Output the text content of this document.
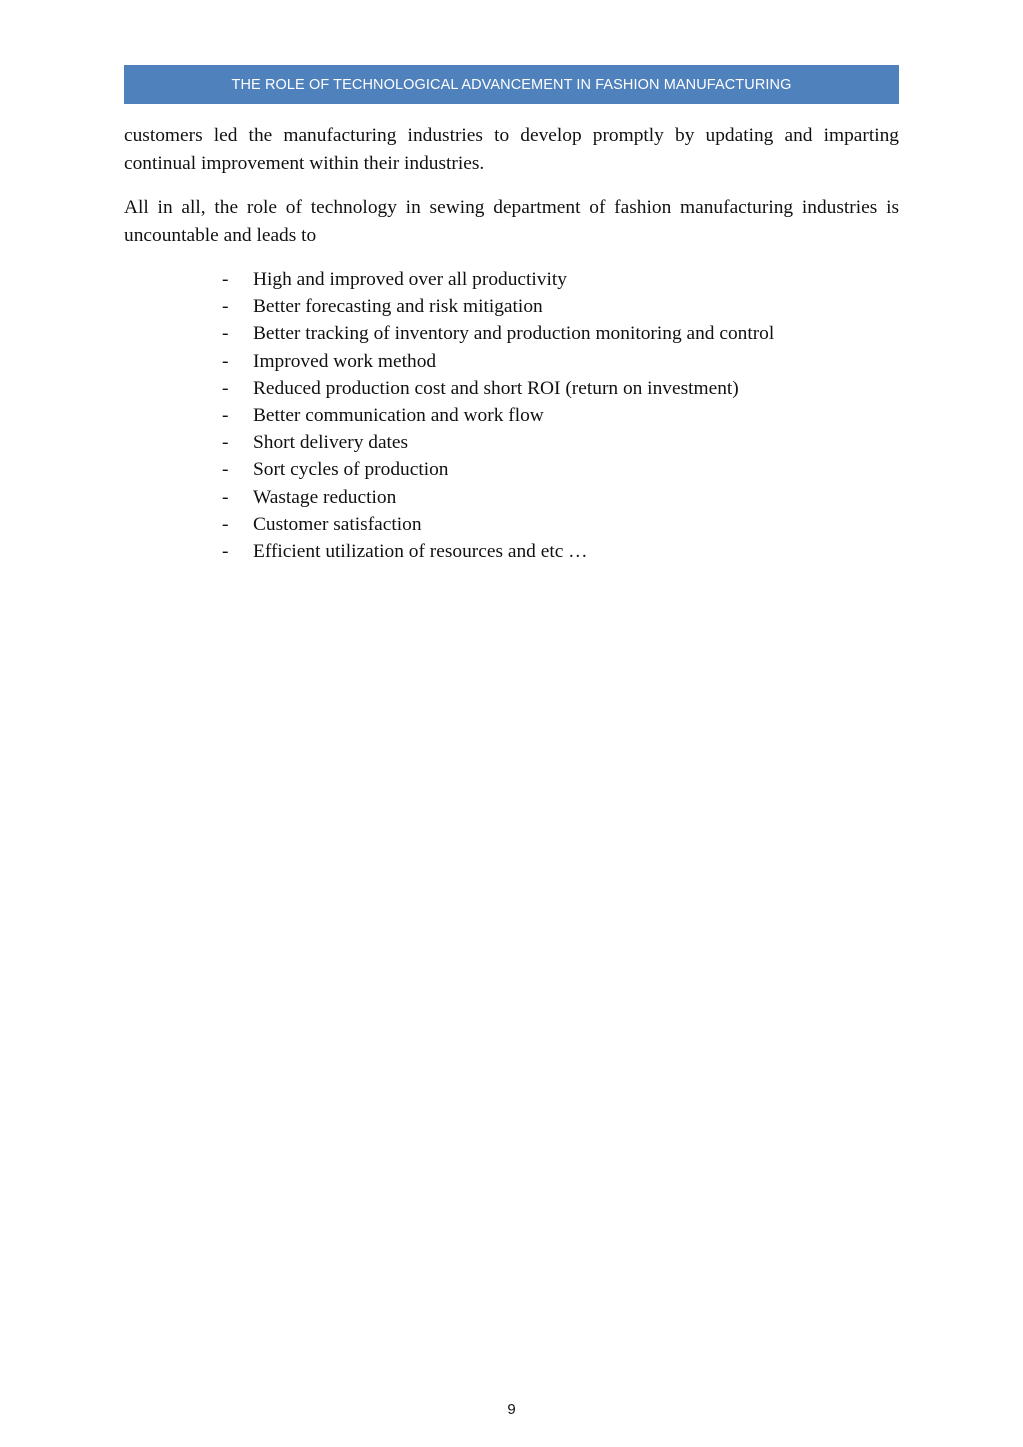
THE ROLE OF TECHNOLOGICAL ADVANCEMENT IN FASHION MANUFACTURING

customers led the manufacturing industries to develop promptly by updating and imparting continual improvement within their industries.

All in all, the role of technology in sewing department of fashion manufacturing industries is uncountable and leads to

-	High and improved over all productivity
-	Better forecasting and risk mitigation
-	Better tracking of inventory and production monitoring and control
-	Improved work method
-	Reduced production cost and short ROI (return on investment)
-	Better communication and work flow
-	Short delivery dates
-	Sort cycles of production
-	Wastage reduction
-	Customer satisfaction
-	Efficient utilization of resources and etc …
9
